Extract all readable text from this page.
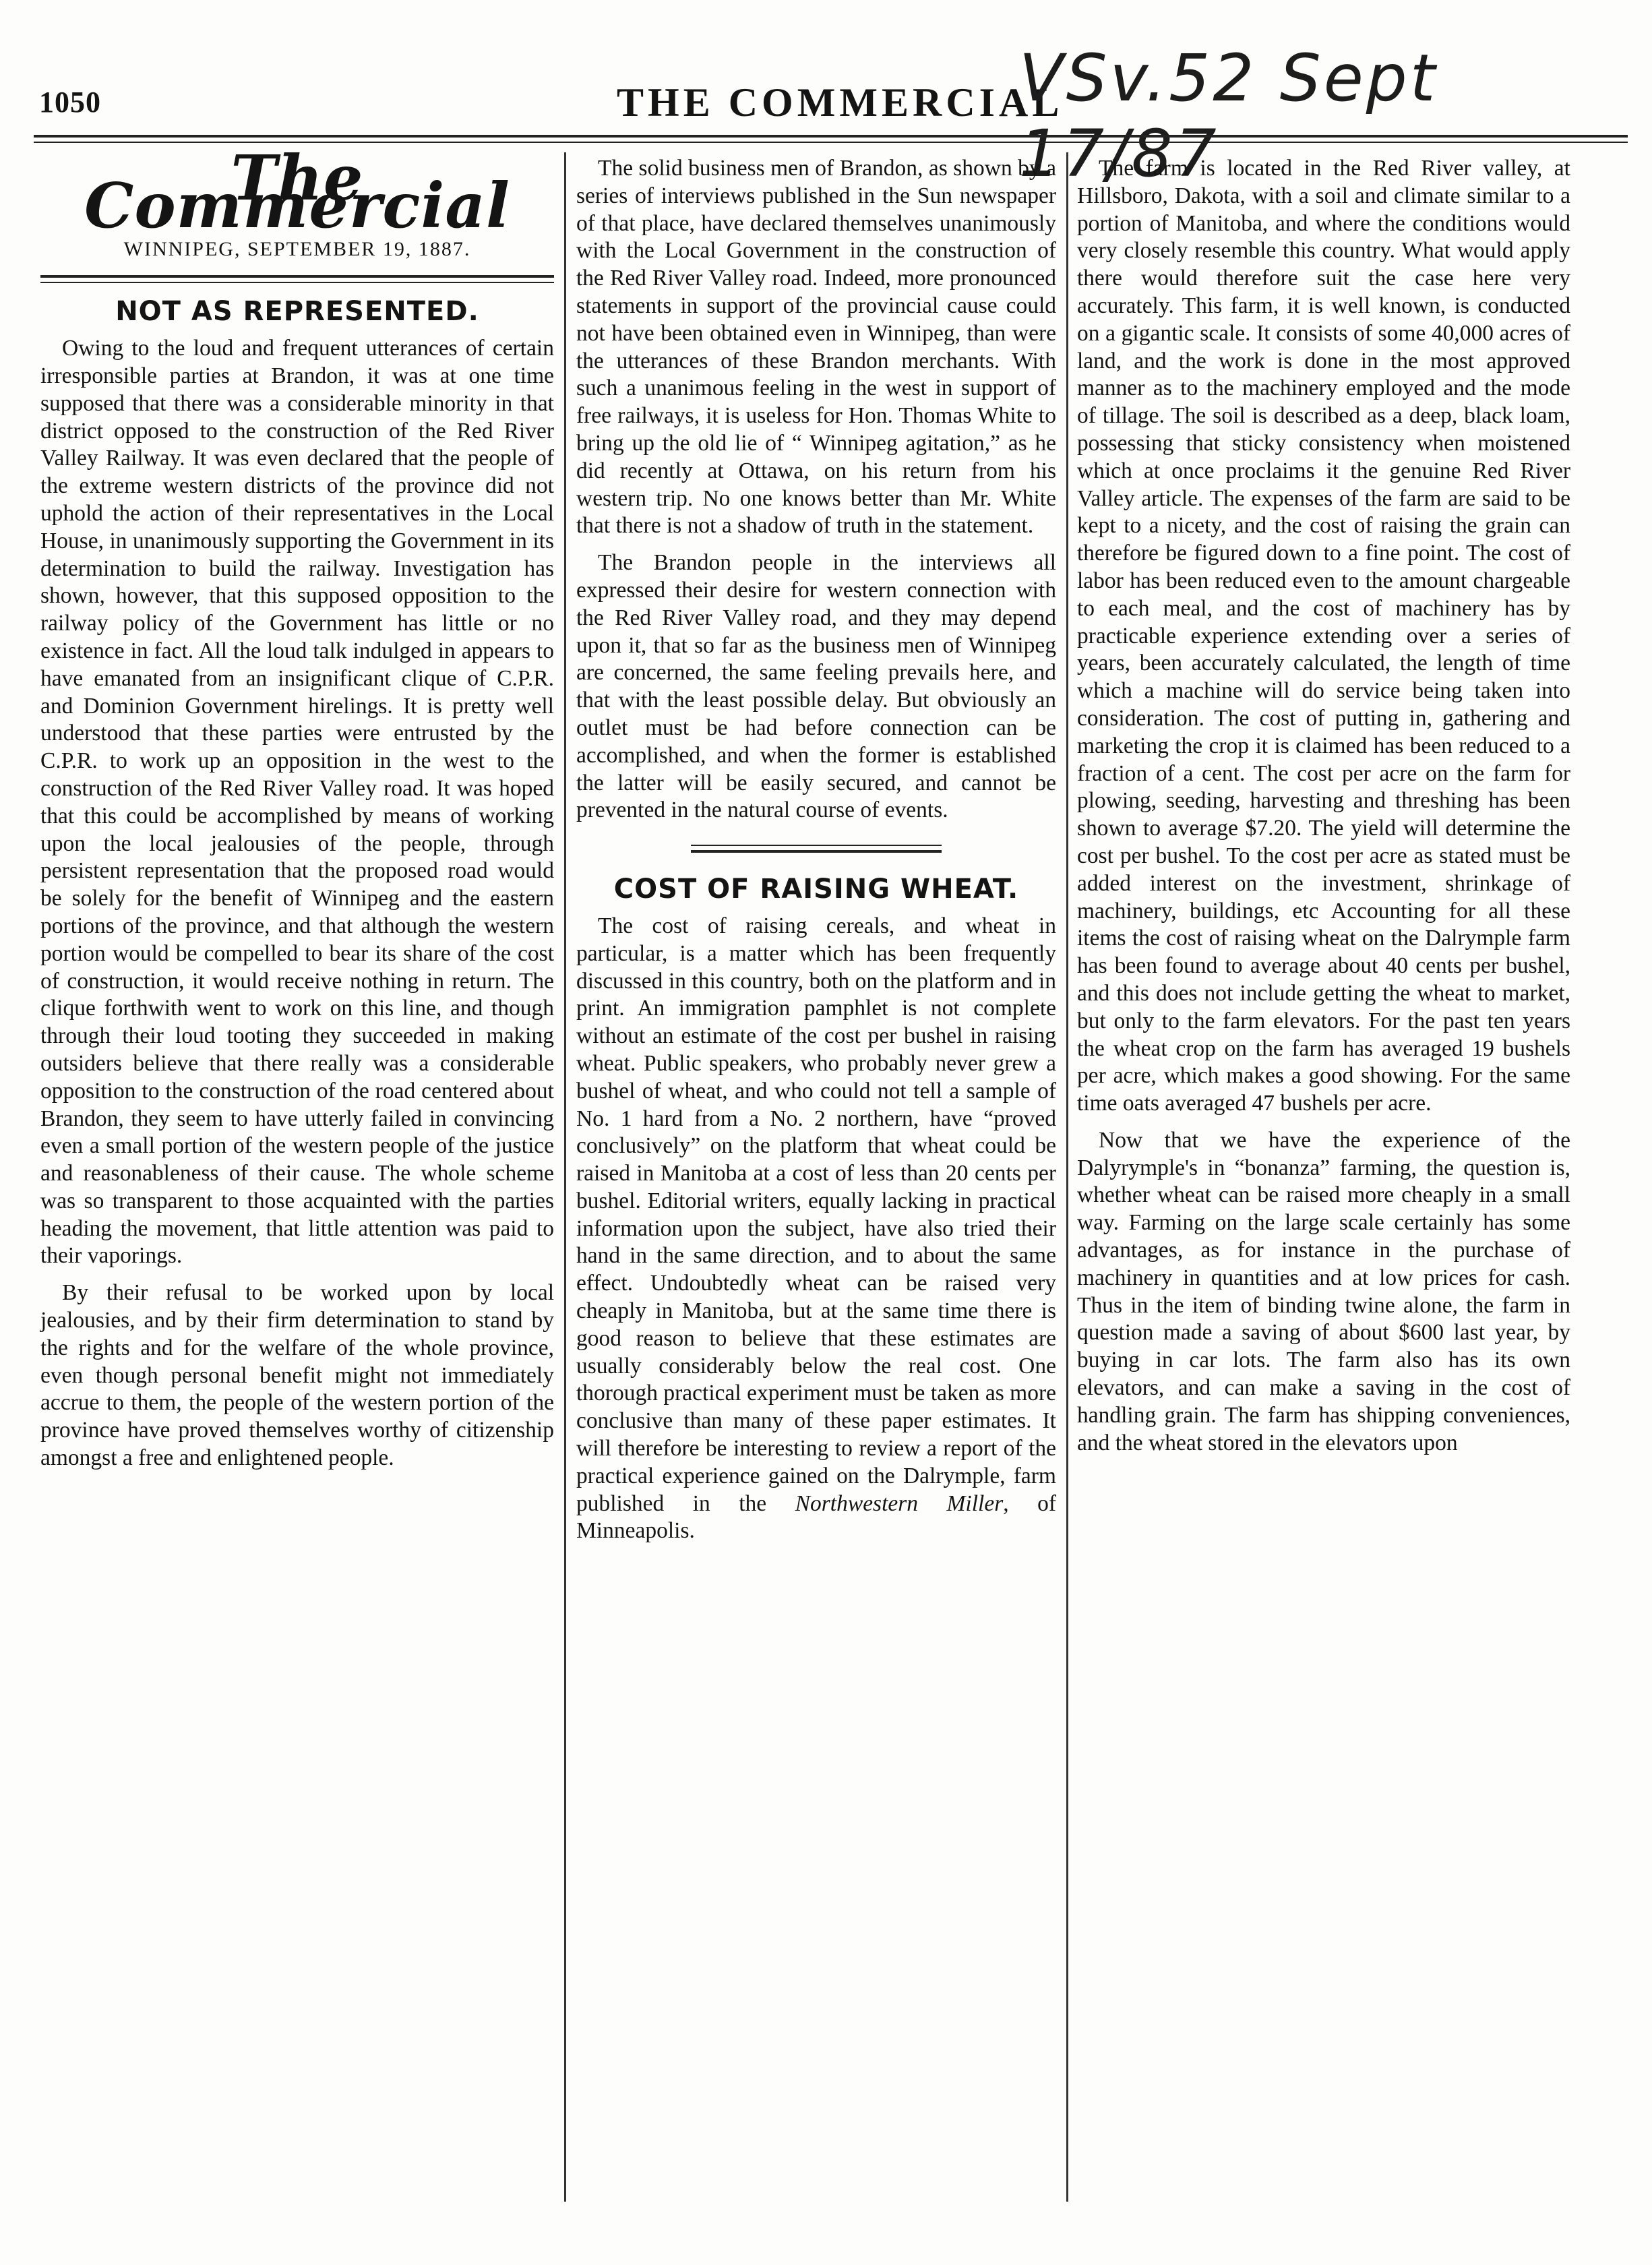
1050	THE COMMERCIAL
VSv.52 Sept 17/87
The Commercial
WINNIPEG, SEPTEMBER 19, 1887.
NOT AS REPRESENTED.

Owing to the loud and frequent utterances of certain irresponsible parties at Brandon, it was at one time supposed that there was a considerable minority in that district opposed to the construction of the Red River Valley Railway. It was even declared that the people of the extreme western districts of the province did not uphold the action of their representatives in the Local House, in unanimously supporting the Government in its determination to build the railway. Investigation has shown, however, that this supposed opposition to the railway policy of the Government has little or no existence in fact. All the loud talk indulged in appears to have emanated from an insignificant clique of C.P.R. and Dominion Government hirelings. It is pretty well understood that these parties were entrusted by the C.P.R. to work up an opposition in the west to the construction of the Red River Valley road. It was hoped that this could be accomplished by means of working upon the local jealousies of the people, through persistent representation that the proposed road would be solely for the benefit of Winnipeg and the eastern portions of the province, and that although the western portion would be compelled to bear its share of the cost of construction, it would receive nothing in return. The clique forthwith went to work on this line, and though through their loud tooting they succeeded in making outsiders believe that there really was a considerable opposition to the construction of the road centered about Brandon, they seem to have utterly failed in convincing even a small portion of the western people of the justice and reasonableness of their cause. The whole scheme was so transparent to those acquainted with the parties heading the movement, that little attention was paid to their vaporings.

By their refusal to be worked upon by local jealousies, and by their firm determination to stand by the rights and for the welfare of the whole province, even though personal benefit might not immediately accrue to them, the people of the western portion of the province have proved themselves worthy of citizenship amongst a free and enlightened people.

The solid business men of Brandon, as shown by a series of interviews published in the Sun newspaper of that place, have declared themselves unanimously with the Local Government in the construction of the Red River Valley road. Indeed, more pronounced statements in support of the provincial cause could not have been obtained even in Winnipeg, than were the utterances of these Brandon merchants. With such a unanimous feeling in the west in support of free railways, it is useless for Hon. Thomas White to bring up the old lie of “ Winnipeg agitation,” as he did recently at Ottawa, on his return from his western trip. No one knows better than Mr. White that there is not a shadow of truth in the statement.

The Brandon people in the interviews all expressed their desire for western connection with the Red River Valley road, and they may depend upon it, that so far as the business men of Winnipeg are concerned, the same feeling prevails here, and that with the least possible delay. But obviously an outlet must be had before connection can be accomplished, and when the former is established the latter will be easily secured, and cannot be prevented in the natural course of events.

COST OF RAISING WHEAT.

The cost of raising cereals, and wheat in particular, is a matter which has been frequently discussed in this country, both on the platform and in print. An immigration pamphlet is not complete without an estimate of the cost per bushel in raising wheat. Public speakers, who probably never grew a bushel of wheat, and who could not tell a sample of No. 1 hard from a No. 2 northern, have “proved conclusively” on the platform that wheat could be raised in Manitoba at a cost of less than 20 cents per bushel. Editorial writers, equally lacking in practical information upon the subject, have also tried their hand in the same direction, and to about the same effect. Undoubtedly wheat can be raised very cheaply in Manitoba, but at the same time there is good reason to believe that these estimates are usually considerably below the real cost. One thorough practical experiment must be taken as more conclusive than many of these paper estimates. It will therefore be interesting to review a report of the practical experience gained on the Dalrymple, farm published in the Northwestern Miller, of Minneapolis.

The farm is located in the Red River valley, at Hillsboro, Dakota, with a soil and climate similar to a portion of Manitoba, and where the conditions would very closely resemble this country. What would apply there would therefore suit the case here very accurately. This farm, it is well known, is conducted on a gigantic scale. It consists of some 40,000 acres of land, and the work is done in the most approved manner as to the machinery employed and the mode of tillage. The soil is described as a deep, black loam, possessing that sticky consistency when moistened which at once proclaims it the genuine Red River Valley article. The expenses of the farm are said to be kept to a nicety, and the cost of raising the grain can therefore be figured down to a fine point. The cost of labor has been reduced even to the amount chargeable to each meal, and the cost of machinery has by practicable experience extending over a series of years, been accurately calculated, the length of time which a machine will do service being taken into consideration. The cost of putting in, gathering and marketing the crop it is claimed has been reduced to a fraction of a cent. The cost per acre on the farm for plowing, seeding, harvesting and threshing has been shown to average $7.20. The yield will determine the cost per bushel. To the cost per acre as stated must be added interest on the investment, shrinkage of machinery, buildings, etc Accounting for all these items the cost of raising wheat on the Dalrymple farm has been found to average about 40 cents per bushel, and this does not include getting the wheat to market, but only to the farm elevators. For the past ten years the wheat crop on the farm has averaged 19 bushels per acre, which makes a good showing. For the same time oats averaged 47 bushels per acre.

Now that we have the experience of the Dalyrymple's in “bonanza” farming, the question is, whether wheat can be raised more cheaply in a small way. Farming on the large scale certainly has some advantages, as for instance in the purchase of machinery in quantities and at low prices for cash. Thus in the item of binding twine alone, the farm in question made a saving of about $600 last year, by buying in car lots. The farm also has its own elevators, and can make a saving in the cost of handling grain. The farm has shipping conveniences, and the wheat stored in the elevators upon
